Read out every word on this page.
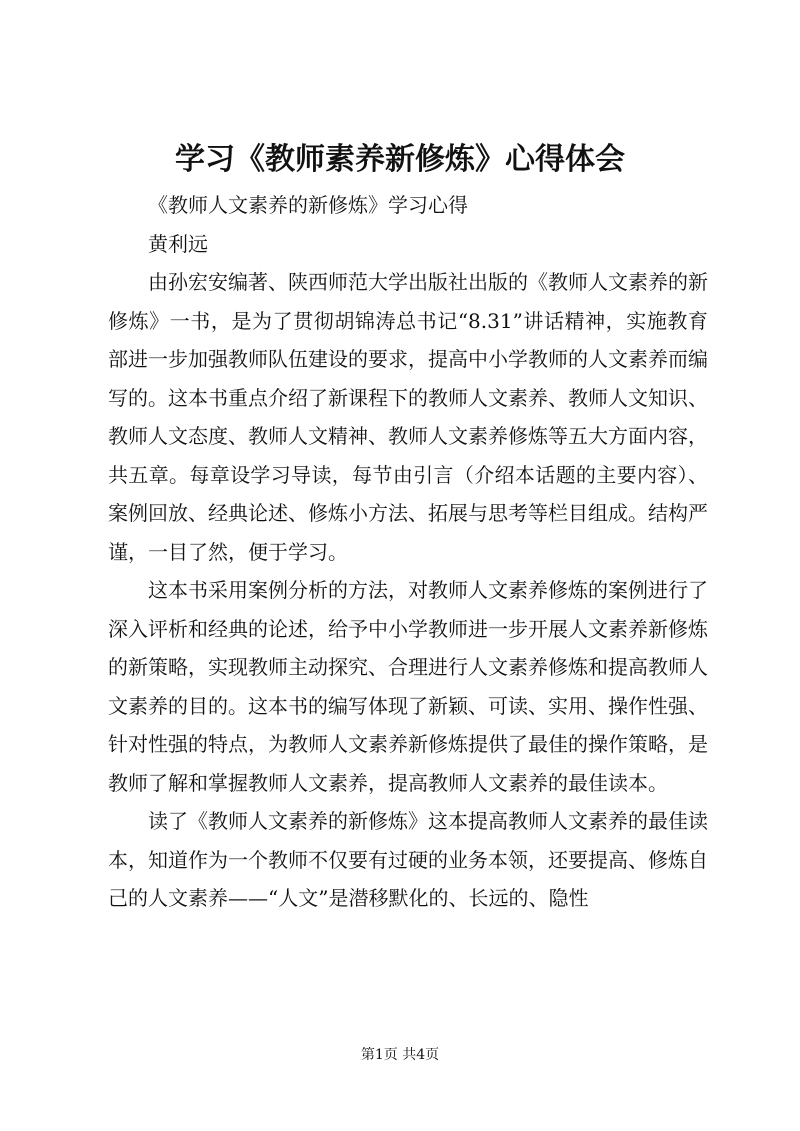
学习《教师素养新修炼》心得体会

《教师人文素养的新修炼》学习心得

黄利远

由孙宏安编著、陕西师范大学出版社出版的《教师人文素养的新修炼》一书，是为了贯彻胡锦涛总书记“8.31”讲话精神，实施教育部进一步加强教师队伍建设的要求，提高中小学教师的人文素养而编写的。这本书重点介绍了新课程下的教师人文素养、教师人文知识、教师人文态度、教师人文精神、教师人文素养修炼等五大方面内容，共五章。每章设学习导读，每节由引言（介绍本话题的主要内容）、案例回放、经典论述、修炼小方法、拓展与思考等栏目组成。结构严谨，一目了然，便于学习。

这本书采用案例分析的方法，对教师人文素养修炼的案例进行了深入评析和经典的论述，给予中小学教师进一步开展人文素养新修炼的新策略，实现教师主动探究、合理进行人文素养修炼和提高教师人文素养的目的。这本书的编写体现了新颖、可读、实用、操作性强、针对性强的特点，为教师人文素养新修炼提供了最佳的操作策略，是教师了解和掌握教师人文素养，提高教师人文素养的最佳读本。

读了《教师人文素养的新修炼》这本提高教师人文素养的最佳读本，知道作为一个教师不仅要有过硬的业务本领，还要提高、修炼自己的人文素养——“人文”是潜移默化的、长远的、隐性

第1页 共4页
